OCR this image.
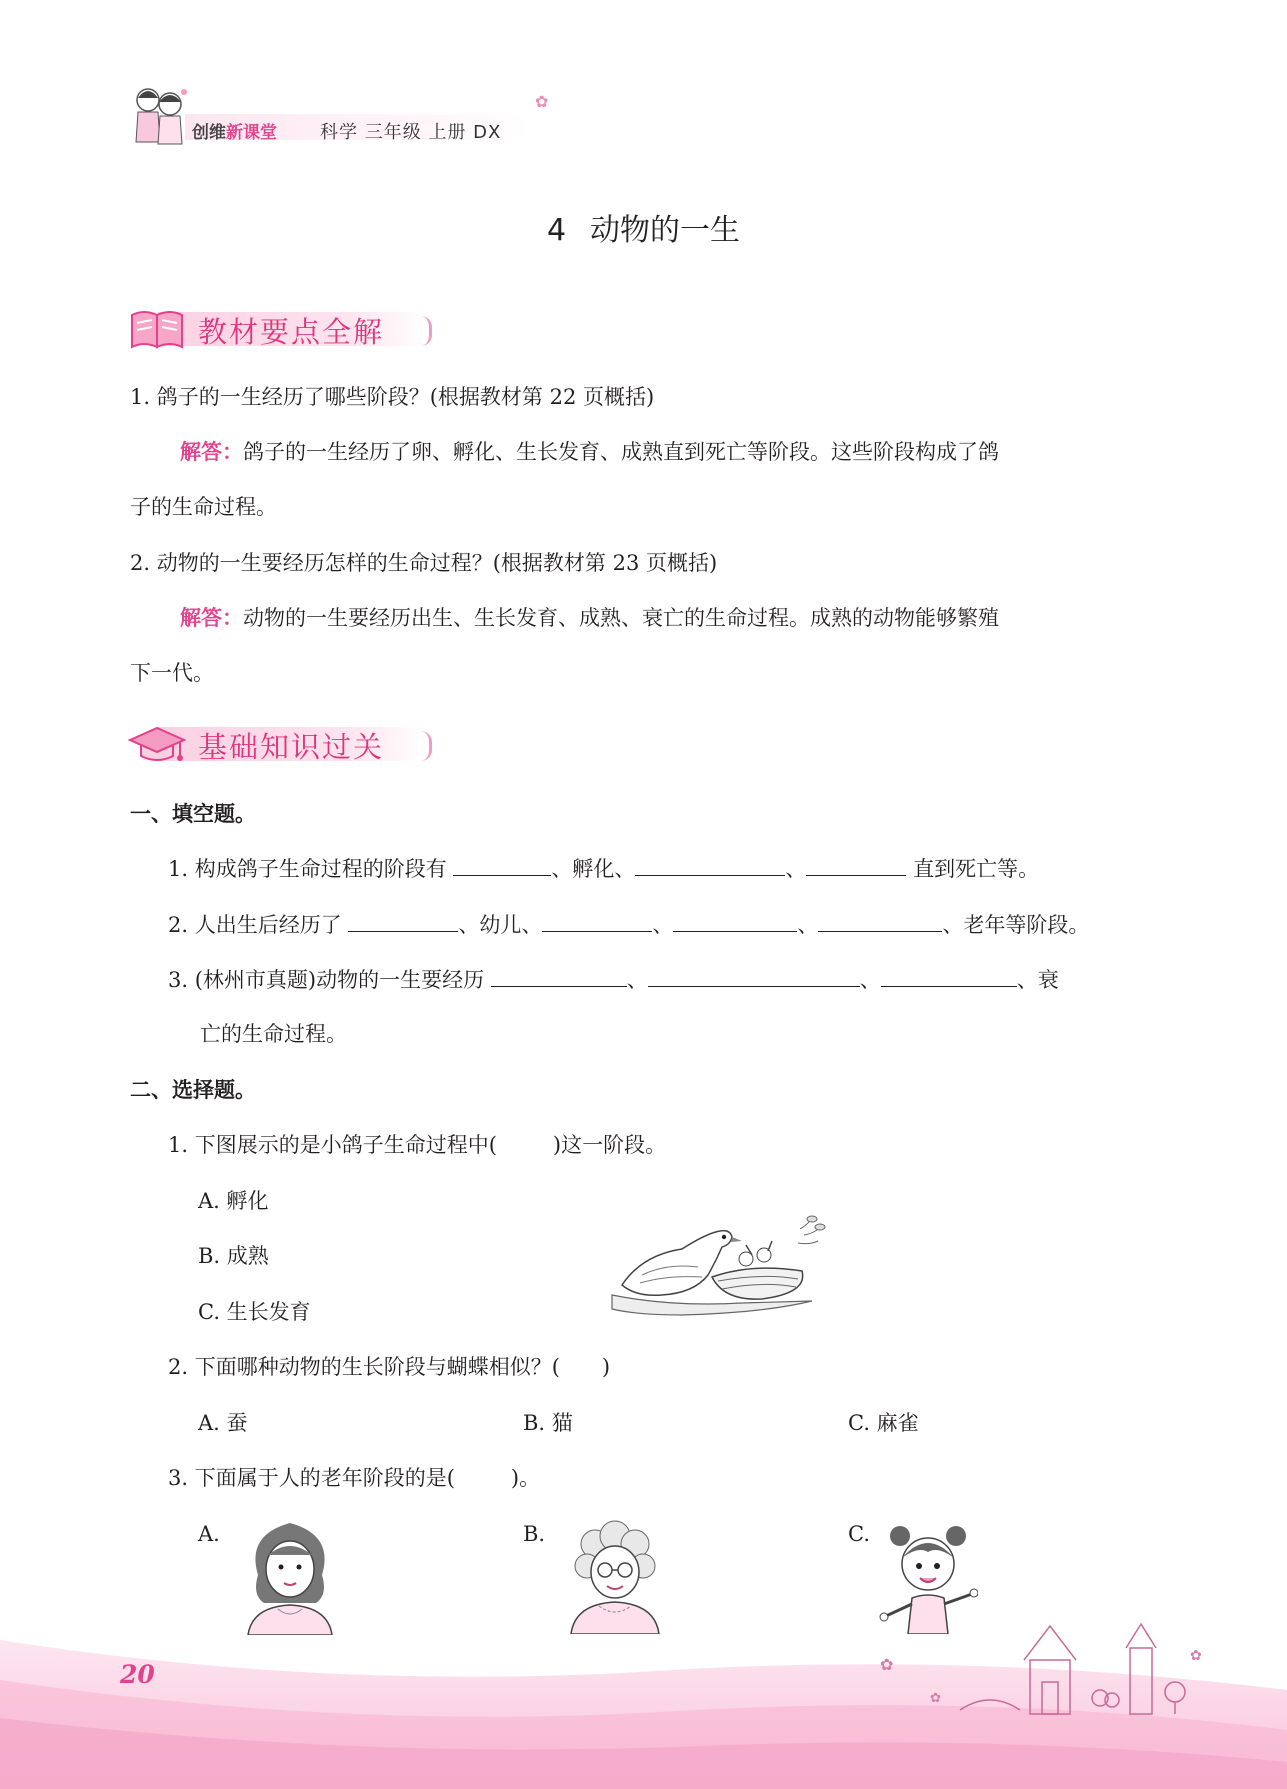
创维新课堂 科学 三年级 上册 DX
✿
4 动物的一生
教材要点全解
1. 鸽子的一生经历了哪些阶段？(根据教材第 22 页概括)
解答：鸽子的一生经历了卵、孵化、生长发育、成熟直到死亡等阶段。这些阶段构成了鸽
子的生命过程。
2. 动物的一生要经历怎样的生命过程？(根据教材第 23 页概括)
解答：动物的一生要经历出生、生长发育、成熟、衰亡的生命过程。成熟的动物能够繁殖
下一代。
基础知识过关
一、填空题。
1. 构成鸽子生命过程的阶段有	、孵化、	、	直到死亡等。
2. 人出生后经历了	、幼儿、	、	、	、老年等阶段。
3. (林州市真题)动物的一生要经历	、	、	、衰
亡的生命过程。
二、选择题。
1. 下图展示的是小鸽子生命过程中(	)这一阶段。
A. 孵化
B. 成熟
C. 生长发育
2. 下面哪种动物的生长阶段与蝴蝶相似？(　　)
A. 蚕	B. 猫	C. 麻雀
3. 下面属于人的老年阶段的是(	)。
A.	B.	C.
✿
✿
✿
20
